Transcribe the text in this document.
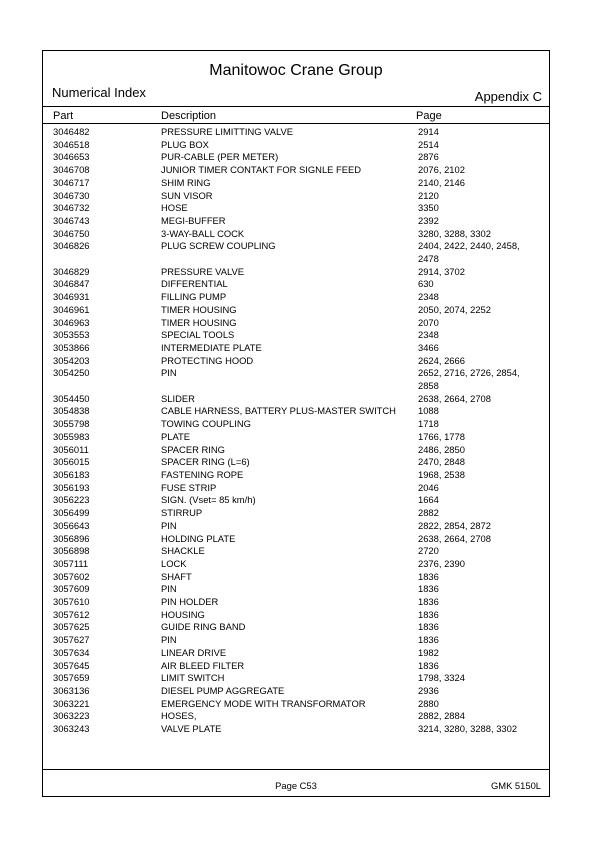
Manitowoc Crane Group
Numerical Index	Appendix C
Part	Description	Page
3046482	PRESSURE LIMITTING VALVE	2914
3046518	PLUG BOX	2514
3046653	PUR-CABLE (PER METER)	2876
3046708	JUNIOR TIMER CONTAKT FOR SIGNLE FEED	2076, 2102
3046717	SHIM RING	2140, 2146
3046730	SUN VISOR	2120
3046732	HOSE	3350
3046743	MEGI-BUFFER	2392
3046750	3-WAY-BALL COCK	3280, 3288, 3302
3046826	PLUG SCREW COUPLING	2404, 2422, 2440, 2458, 2478
3046829	PRESSURE VALVE	2914, 3702
3046847	DIFFERENTIAL	630
3046931	FILLING PUMP	2348
3046961	TIMER HOUSING	2050, 2074, 2252
3046963	TIMER HOUSING	2070
3053553	SPECIAL TOOLS	2348
3053866	INTERMEDIATE PLATE	3466
3054203	PROTECTING HOOD	2624, 2666
3054250	PIN	2652, 2716, 2726, 2854, 2858
3054450	SLIDER	2638, 2664, 2708
3054838	CABLE HARNESS, BATTERY PLUS-MASTER SWITCH	1088
3055798	TOWING COUPLING	1718
3055983	PLATE	1766, 1778
3056011	SPACER RING	2486, 2850
3056015	SPACER RING (L=6)	2470, 2848
3056183	FASTENING ROPE	1968, 2538
3056193	FUSE STRIP	2046
3056223	SIGN. (Vset= 85 km/h)	1664
3056499	STIRRUP	2882
3056643	PIN	2822, 2854, 2872
3056896	HOLDING PLATE	2638, 2664, 2708
3056898	SHACKLE	2720
3057111	LOCK	2376, 2390
3057602	SHAFT	1836
3057609	PIN	1836
3057610	PIN HOLDER	1836
3057612	HOUSING	1836
3057625	GUIDE RING BAND	1836
3057627	PIN	1836
3057634	LINEAR DRIVE	1982
3057645	AIR BLEED FILTER	1836
3057659	LIMIT SWITCH	1798, 3324
3063136	DIESEL PUMP AGGREGATE	2936
3063221	EMERGENCY MODE WITH TRANSFORMATOR	2880
3063223	HOSES,	2882, 2884
3063243	VALVE PLATE	3214, 3280, 3288, 3302
Page C53	GMK 5150L
